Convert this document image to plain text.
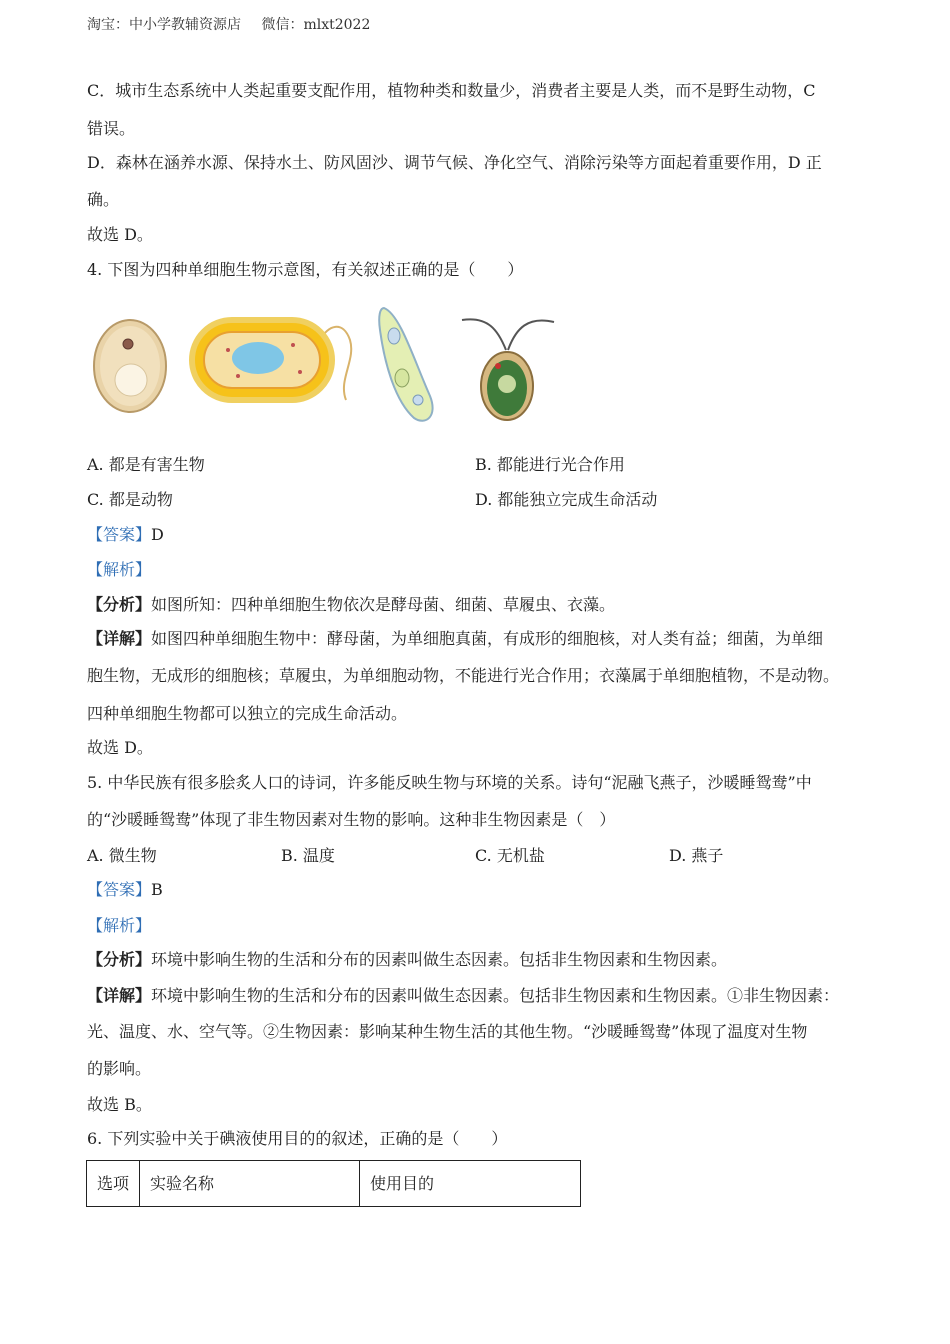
淘宝：中小学教辅资源店 微信：mlxt2022
C．城市生态系统中人类起重要支配作用，植物种类和数量少，消费者主要是人类，而不是野生动物，C
错误。
D．森林在涵养水源、保持水土、防风固沙、调节气候、净化空气、消除污染等方面起着重要作用，D 正
确。
故选 D。
4. 下图为四种单细胞生物示意图，有关叙述正确的是（　　）
A. 都是有害生物	B. 都能进行光合作用
C. 都是动物	D. 都能独立完成生命活动
【答案】D
【解析】
【分析】如图所知：四种单细胞生物依次是酵母菌、细菌、草履虫、衣藻。
【详解】如图四种单细胞生物中：酵母菌，为单细胞真菌，有成形的细胞核，对人类有益；细菌，为单细
胞生物，无成形的细胞核；草履虫，为单细胞动物，不能进行光合作用；衣藻属于单细胞植物，不是动物。
四种单细胞生物都可以独立的完成生命活动。
故选 D。
5. 中华民族有很多脍炙人口的诗词，许多能反映生物与环境的关系。诗句“泥融飞燕子，沙暖睡鸳鸯”中
的“沙暖睡鸳鸯”体现了非生物因素对生物的影响。这种非生物因素是（　）
A. 微生物	B. 温度	C. 无机盐	D. 燕子
【答案】B
【解析】
【分析】环境中影响生物的生活和分布的因素叫做生态因素。包括非生物因素和生物因素。
【详解】环境中影响生物的生活和分布的因素叫做生态因素。包括非生物因素和生物因素。①非生物因素：
光、温度、水、空气等。②生物因素：影响某种生物生活的其他生物。“沙暖睡鸳鸯”体现了温度对生物
的影响。
故选 B。
6. 下列实验中关于碘液使用目的的叙述，正确的是（　　）
选项	实验名称	使用目的
